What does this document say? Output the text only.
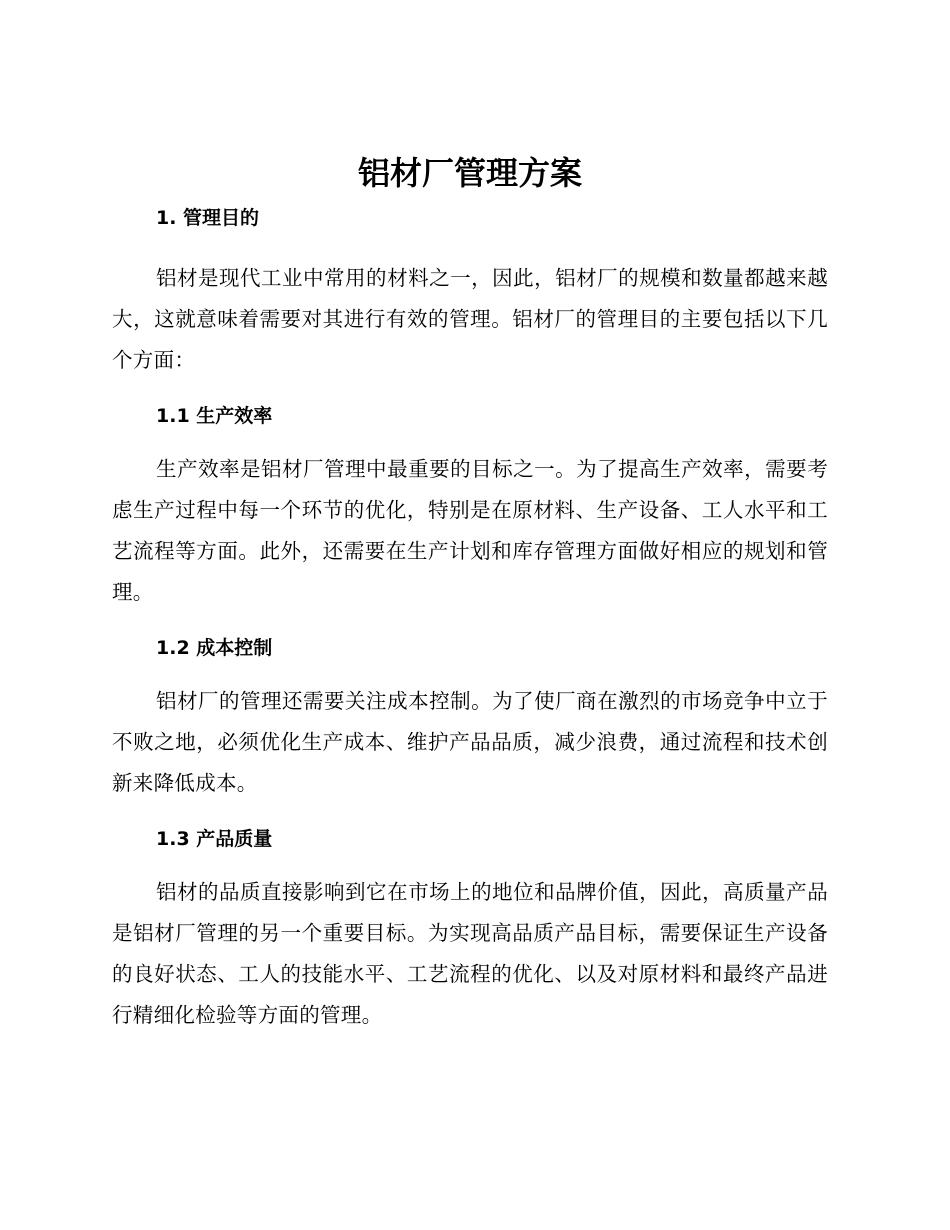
铝材厂管理方案
1. 管理目的

铝材是现代工业中常用的材料之一，因此，铝材厂的规模和数量都越来越大，这就意味着需要对其进行有效的管理。铝材厂的管理目的主要包括以下几个方面：

1.1 生产效率

生产效率是铝材厂管理中最重要的目标之一。为了提高生产效率，需要考虑生产过程中每一个环节的优化，特别是在原材料、生产设备、工人水平和工艺流程等方面。此外，还需要在生产计划和库存管理方面做好相应的规划和管理。

1.2 成本控制

铝材厂的管理还需要关注成本控制。为了使厂商在激烈的市场竞争中立于不败之地，必须优化生产成本、维护产品品质，减少浪费，通过流程和技术创新来降低成本。

1.3 产品质量

铝材的品质直接影响到它在市场上的地位和品牌价值，因此，高质量产品是铝材厂管理的另一个重要目标。为实现高品质产品目标，需要保证生产设备的良好状态、工人的技能水平、工艺流程的优化、以及对原材料和最终产品进行精细化检验等方面的管理。
